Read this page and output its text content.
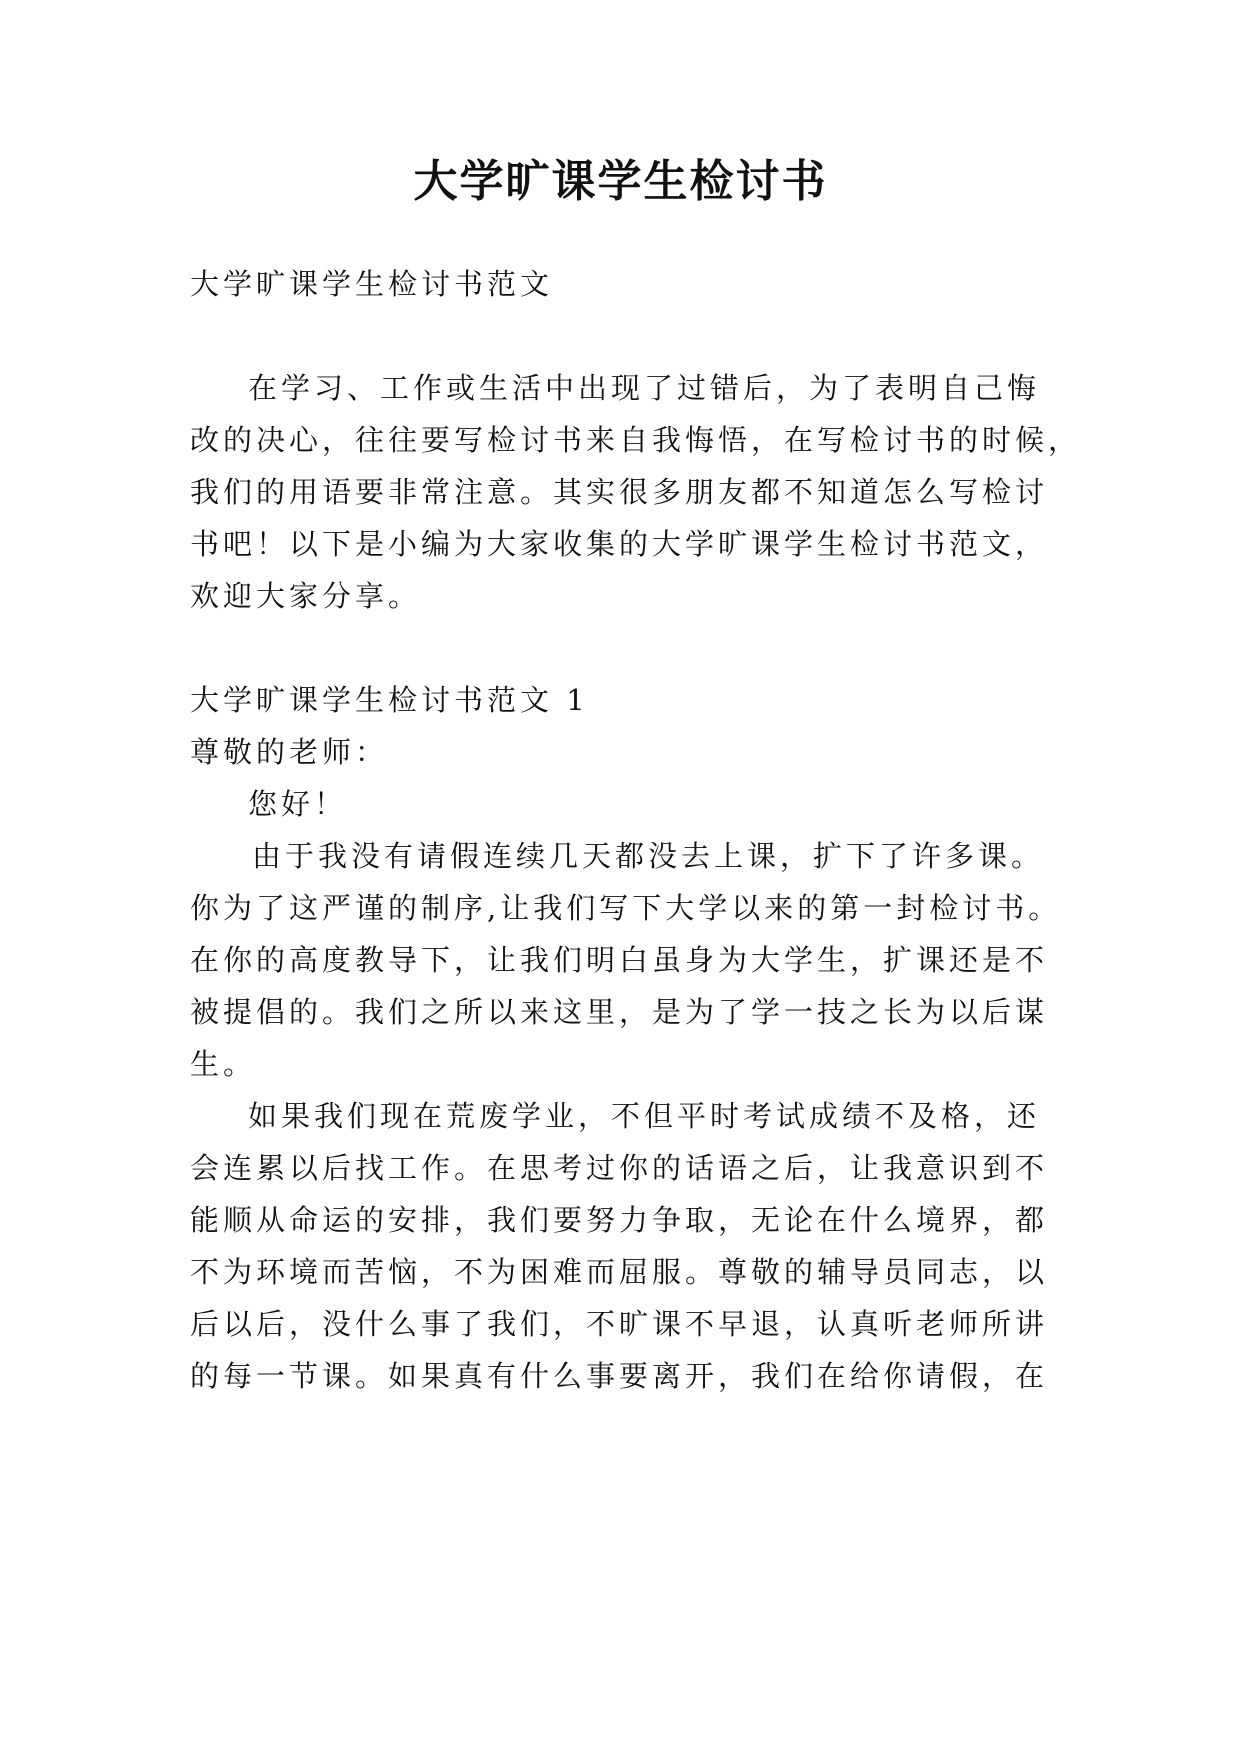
大学旷课学生检讨书
大学旷课学生检讨书范文
在学习、工作或生活中出现了过错后，为了表明自己悔
改的决心，往往要写检讨书来自我悔悟，在写检讨书的时候，
我们的用语要非常注意。其实很多朋友都不知道怎么写检讨
书吧！以下是小编为大家收集的大学旷课学生检讨书范文，
欢迎大家分享。
大学旷课学生检讨书范文 1
尊敬的老师：
您好！
由于我没有请假连续几天都没去上课，扩下了许多课。
你为了这严谨的制序,让我们写下大学以来的第一封检讨书。
在你的高度教导下，让我们明白虽身为大学生，扩课还是不
被提倡的。我们之所以来这里，是为了学一技之长为以后谋
生。
如果我们现在荒废学业，不但平时考试成绩不及格，还
会连累以后找工作。在思考过你的话语之后，让我意识到不
能顺从命运的安排，我们要努力争取，无论在什么境界，都
不为环境而苦恼，不为困难而屈服。尊敬的辅导员同志，以
后以后，没什么事了我们，不旷课不早退，认真听老师所讲
的每一节课。如果真有什么事要离开，我们在给你请假，在
